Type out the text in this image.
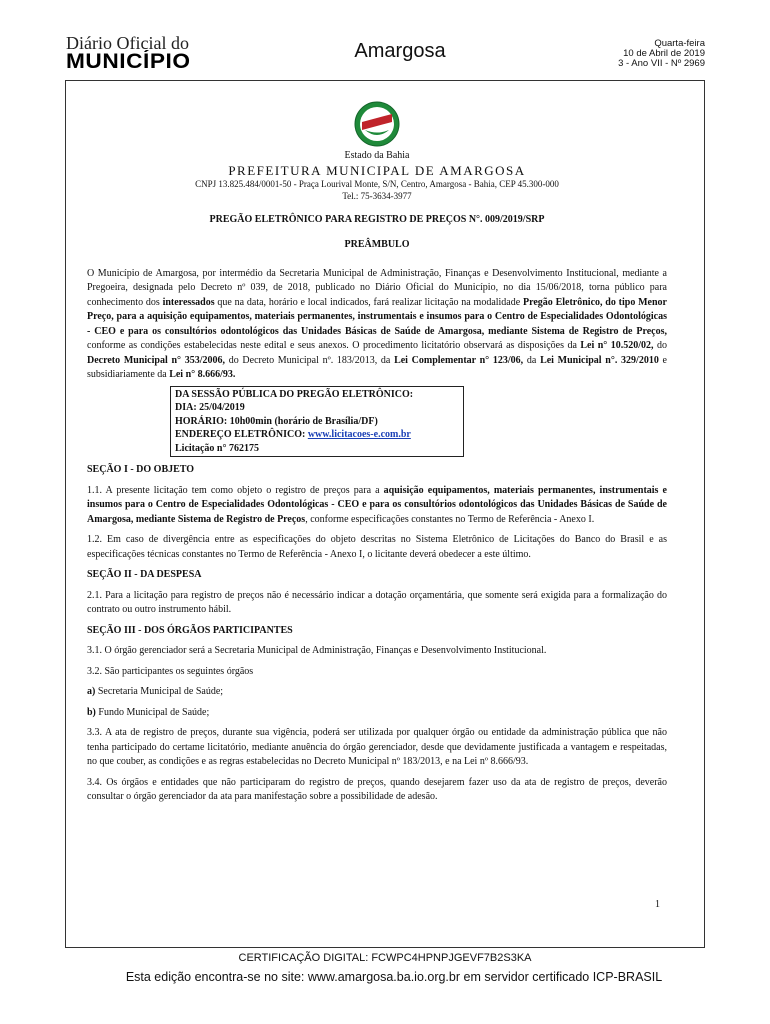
Diário Oficial do
MUNICÍPIO	Amargosa	Quarta-feira
10 de Abril de 2019
3 - Ano VII - Nº 2969
Estado da Bahia
PREFEITURA MUNICIPAL DE AMARGOSA
CNPJ 13.825.484/0001-50 - Praça Lourival Monte, S/N, Centro, Amargosa - Bahia, CEP 45.300-000
Tel.: 75-3634-3977
PREGÃO ELETRÔNICO PARA REGISTRO DE PREÇOS N°. 009/2019/SRP
PREÂMBULO

O Município de Amargosa, por intermédio da Secretaria Municipal de Administração, Finanças e Desenvolvimento Institucional, mediante a Pregoeira, designada pelo Decreto nº 039, de 2018, publicado no Diário Oficial do Município, no dia 15/06/2018, torna público para conhecimento dos interessados que na data, horário e local indicados, fará realizar licitação na modalidade Pregão Eletrônico, do tipo Menor Preço, para a aquisição equipamentos, materiais permanentes, instrumentais e insumos para o Centro de Especialidades Odontológicas - CEO e para os consultórios odontológicos das Unidades Básicas de Saúde de Amargosa, mediante Sistema de Registro de Preços, conforme as condições estabelecidas neste edital e seus anexos. O procedimento licitatório observará as disposições da Lei n° 10.520/02, do Decreto Municipal n° 353/2006, do Decreto Municipal nº. 183/2013, da Lei Complementar n° 123/06, da Lei Municipal n°. 329/2010 e subsidiariamente da Lei n° 8.666/93.

DA SESSÃO PÚBLICA DO PREGÃO ELETRÔNICO:
DIA: 25/04/2019
HORÁRIO: 10h00min (horário de Brasília/DF)
ENDEREÇO ELETRÔNICO: www.licitacoes-e.com.br
Licitação n° 762175
SEÇÃO I - DO OBJETO

1.1. A presente licitação tem como objeto o registro de preços para a aquisição equipamentos, materiais permanentes, instrumentais e insumos para o Centro de Especialidades Odontológicas - CEO e para os consultórios odontológicos das Unidades Básicas de Saúde de Amargosa, mediante Sistema de Registro de Preços, conforme especificações constantes no Termo de Referência - Anexo I.

1.2. Em caso de divergência entre as especificações do objeto descritas no Sistema Eletrônico de Licitações do Banco do Brasil e as especificações técnicas constantes no Termo de Referência - Anexo I, o licitante deverá obedecer a este último.

SEÇÃO II - DA DESPESA

2.1. Para a licitação para registro de preços não é necessário indicar a dotação orçamentária, que somente será exigida para a formalização do contrato ou outro instrumento hábil.

SEÇÃO III - DOS ÓRGÃOS PARTICIPANTES

3.1. O órgão gerenciador será a Secretaria Municipal de Administração, Finanças e Desenvolvimento Institucional.

3.2. São participantes os seguintes órgãos

a) Secretaria Municipal de Saúde;

b) Fundo Municipal de Saúde;

3.3. A ata de registro de preços, durante sua vigência, poderá ser utilizada por qualquer órgão ou entidade da administração pública que não tenha participado do certame licitatório, mediante anuência do órgão gerenciador, desde que devidamente justificada a vantagem e respeitadas, no que couber, as condições e as regras estabelecidas no Decreto Municipal nº 183/2013, e na Lei nº 8.666/93.

3.4. Os órgãos e entidades que não participaram do registro de preços, quando desejarem fazer uso da ata de registro de preços, deverão consultar o órgão gerenciador da ata para manifestação sobre a possibilidade de adesão.

1
CERTIFICAÇÃO DIGITAL: FCWPC4HPNPJGEVF7B2S3KA
Esta edição encontra-se no site: www.amargosa.ba.io.org.br em servidor certificado ICP-BRASIL
